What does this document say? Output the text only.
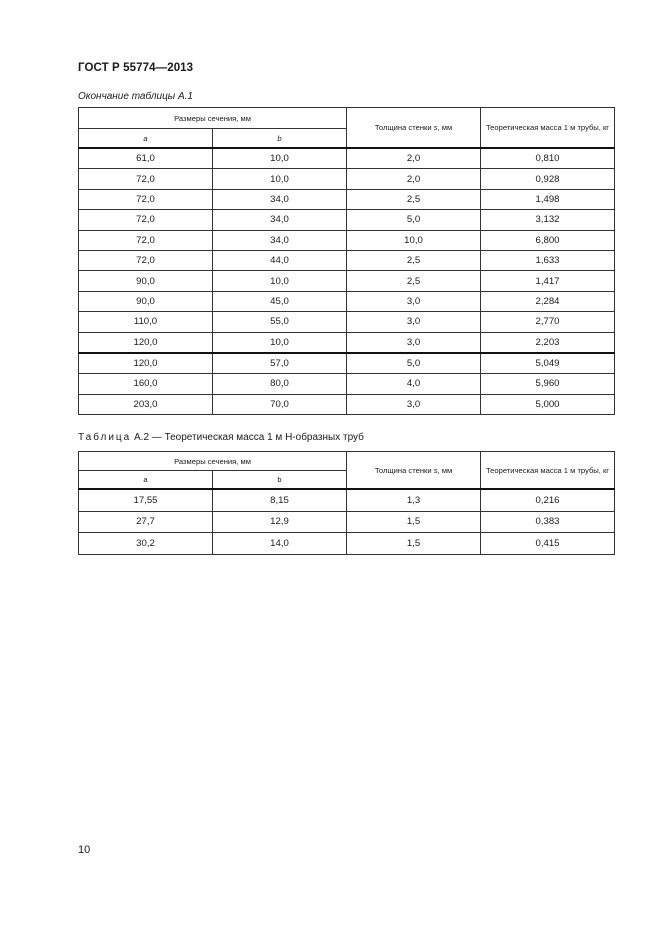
ГОСТ Р 55774—2013
Окончание таблицы А.1
Размеры сечения, мм		Толщина стенки s, мм	Теоретическая масса 1 м трубы, кг
a	b		
61,0	10,0	2,0	0,810
72,0	10,0	2,0	0,928
72,0	34,0	2,5	1,498
72,0	34,0	5,0	3,132
72,0	34,0	10,0	6,800
72,0	44,0	2,5	1,633
90,0	10,0	2,5	1,417
90,0	45,0	3,0	2,284
110,0	55,0	3,0	2,770
120,0	10,0	3,0	2,203
120,0	57,0	5,0	5,049
160,0	80,0	4,0	5,960
203,0	70,0	3,0	5,000
Таблица А.2 — Теоретическая масса 1 м Н-образных труб
Размеры сечения, мм		Толщина стенки s, мм	Теоретическая масса 1 м трубы, кг
a	b		
17,55	8,15	1,3	0,216
27,7	12,9	1,5	0,383
30,2	14,0	1,5	0,415
10
